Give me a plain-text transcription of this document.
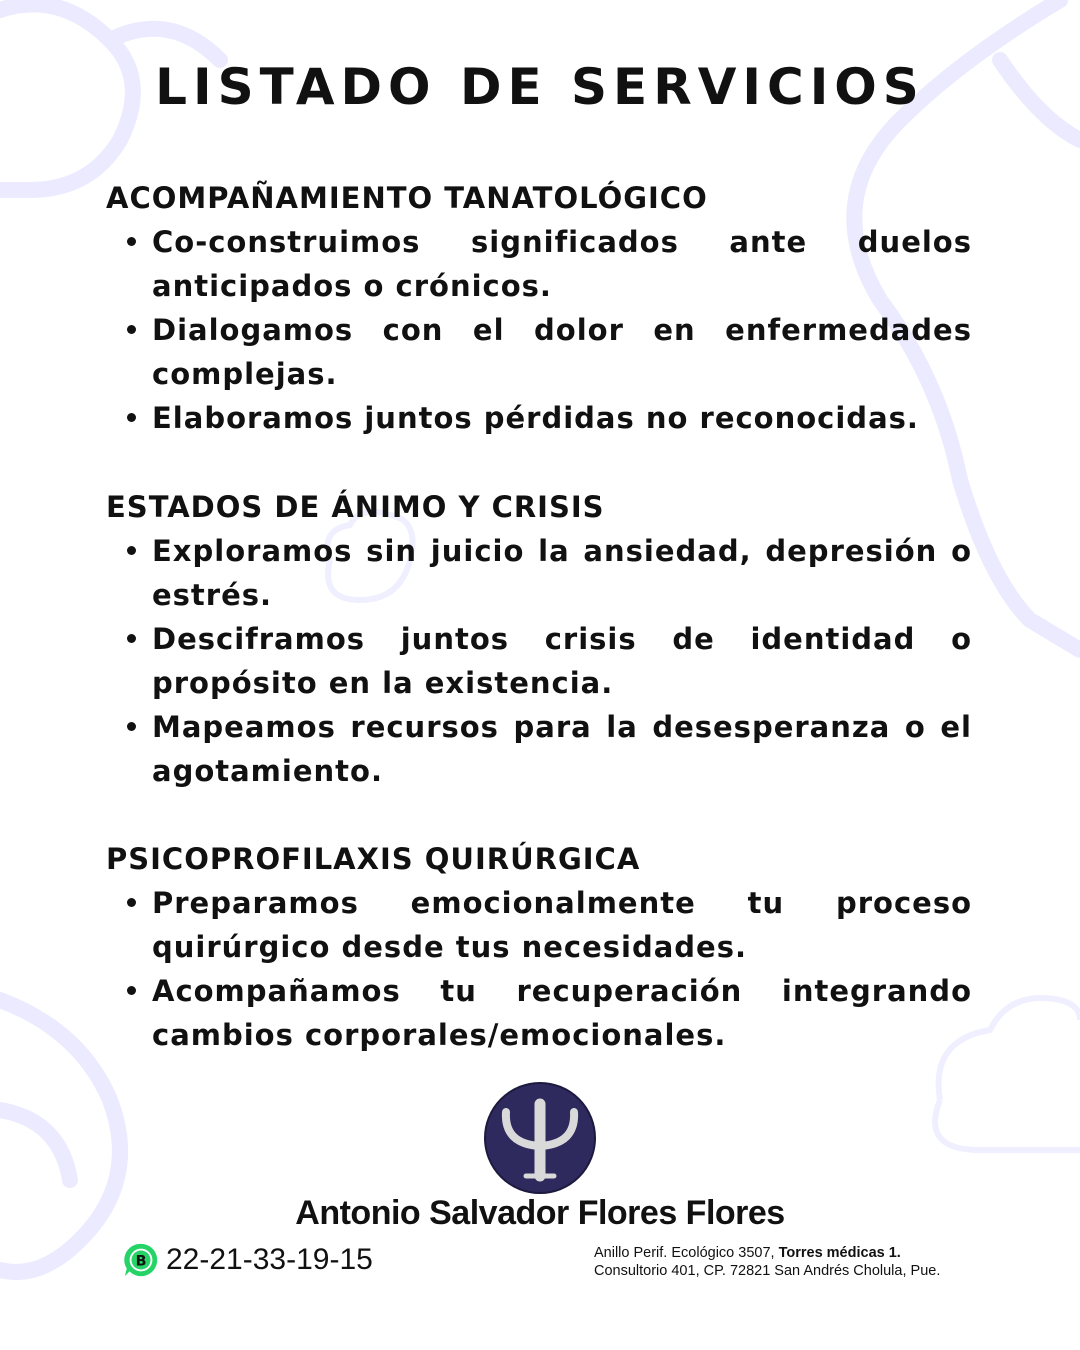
LISTADO DE SERVICIOS
ACOMPAÑAMIENTO TANATOLÓGICO
Co-construimos significados ante duelos anticipados o crónicos.
Dialogamos con el dolor en enfermedades complejas.
Elaboramos juntos pérdidas no reconocidas.
ESTADOS DE ÁNIMO Y CRISIS
Exploramos sin juicio la ansiedad, depresión o estrés.
Desciframos juntos crisis de identidad o propósito en la existencia.
Mapeamos recursos para la desesperanza o el agotamiento.
PSICOPROFILAXIS QUIRÚRGICA
Preparamos emocionalmente tu proceso quirúrgico desde tus necesidades.
Acompañamos tu recuperación integrando cambios corporales/emocionales.
Antonio Salvador Flores Flores
B 22-21-33-19-15	Anillo Perif. Ecológico 3507, Torres médicas 1.
Consultorio 401, CP. 72821 San Andrés Cholula, Pue.
